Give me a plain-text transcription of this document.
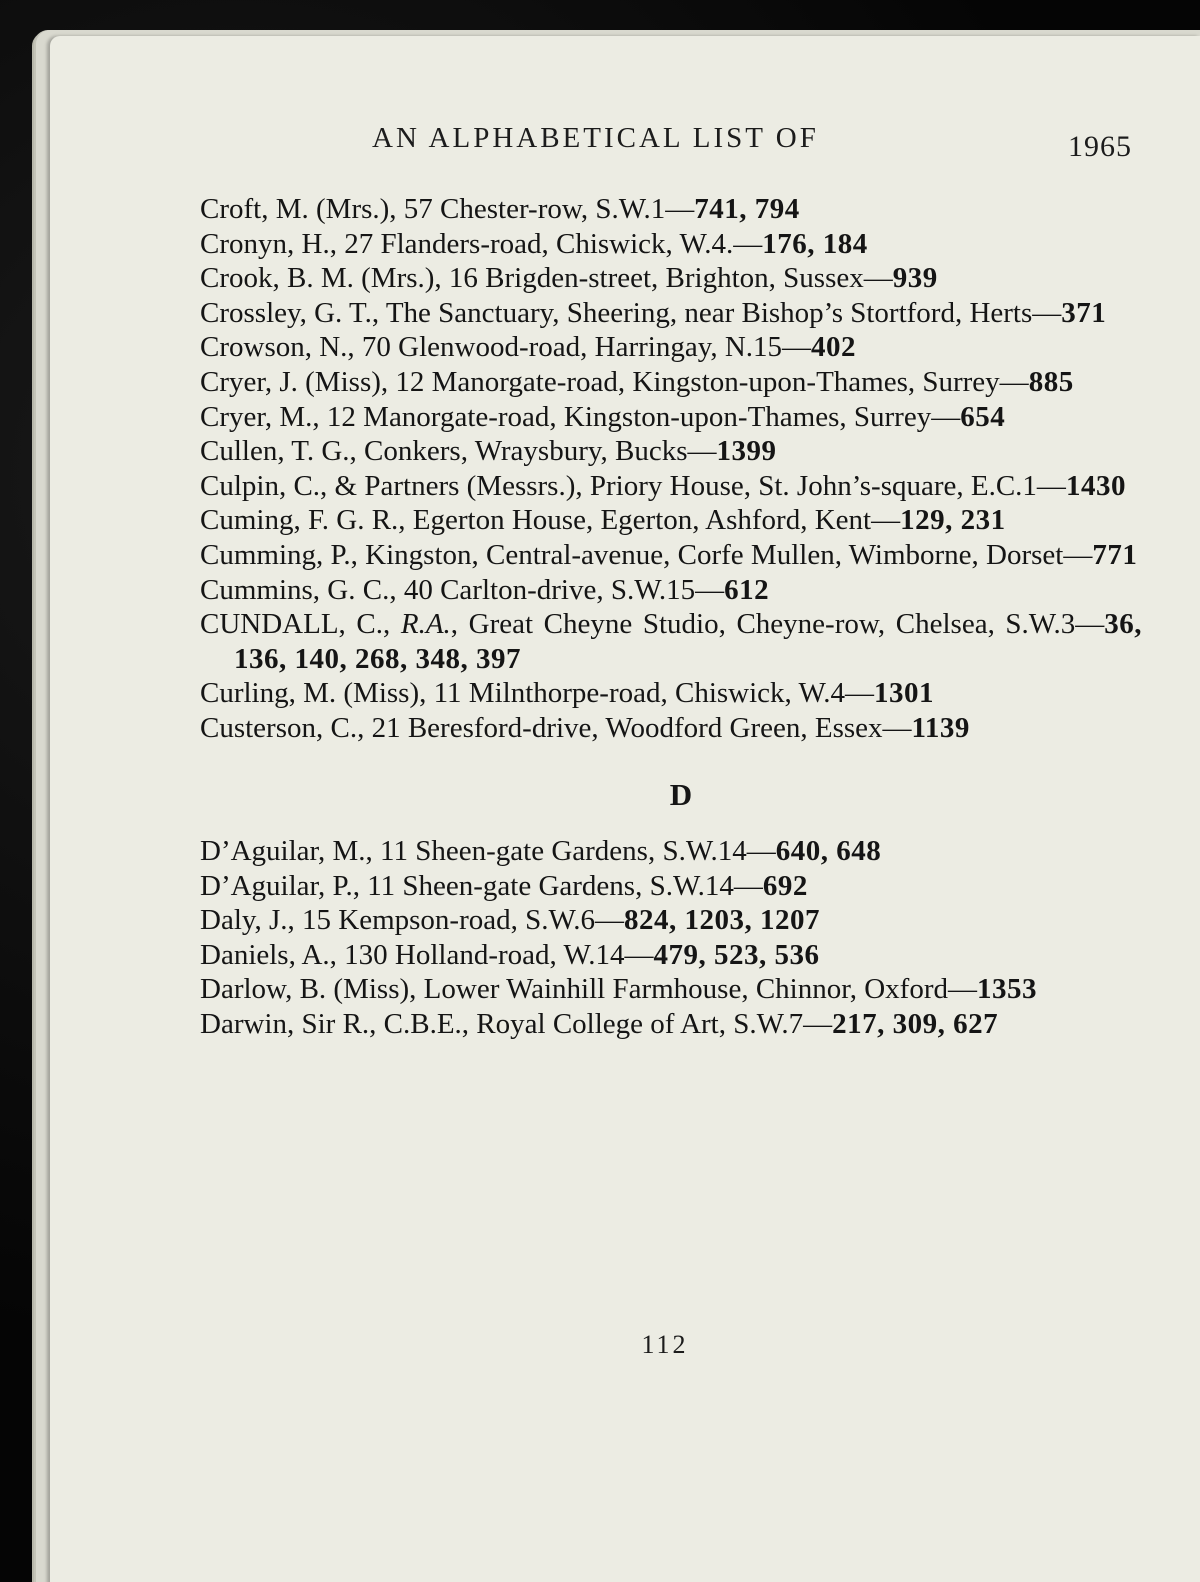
AN ALPHABETICAL LIST OF	1965
Croft, M. (Mrs.), 57 Chester-row, S.W.1—741, 794
Cronyn, H., 27 Flanders-road, Chiswick, W.4.—176, 184
Crook, B. M. (Mrs.), 16 Brigden-street, Brighton, Sussex—939
Crossley, G. T., The Sanctuary, Sheering, near Bishop’s Stortford, Herts—371
Crowson, N., 70 Glenwood-road, Harringay, N.15—402
Cryer, J. (Miss), 12 Manorgate-road, Kingston-upon-Thames, Surrey—885
Cryer, M., 12 Manorgate-road, Kingston-upon-Thames, Surrey—654
Cullen, T. G., Conkers, Wraysbury, Bucks—1399
Culpin, C., & Partners (Messrs.), Priory House, St. John’s-square, E.C.1—1430
Cuming, F. G. R., Egerton House, Egerton, Ashford, Kent—129, 231
Cumming, P., Kingston, Central-avenue, Corfe Mullen, Wimborne, Dorset—771
Cummins, G. C., 40 Carlton-drive, S.W.15—612
CUNDALL, C., R.A., Great Cheyne Studio, Cheyne-row, Chelsea, S.W.3—36, 136, 140, 268, 348, 397
Curling, M. (Miss), 11 Milnthorpe-road, Chiswick, W.4—1301
Custerson, C., 21 Beresford-drive, Woodford Green, Essex—1139
D
D’Aguilar, M., 11 Sheen-gate Gardens, S.W.14—640, 648
D’Aguilar, P., 11 Sheen-gate Gardens, S.W.14—692
Daly, J., 15 Kempson-road, S.W.6—824, 1203, 1207
Daniels, A., 130 Holland-road, W.14—479, 523, 536
Darlow, B. (Miss), Lower Wainhill Farmhouse, Chinnor, Oxford—1353
Darwin, Sir R., C.B.E., Royal College of Art, S.W.7—217, 309, 627
112
